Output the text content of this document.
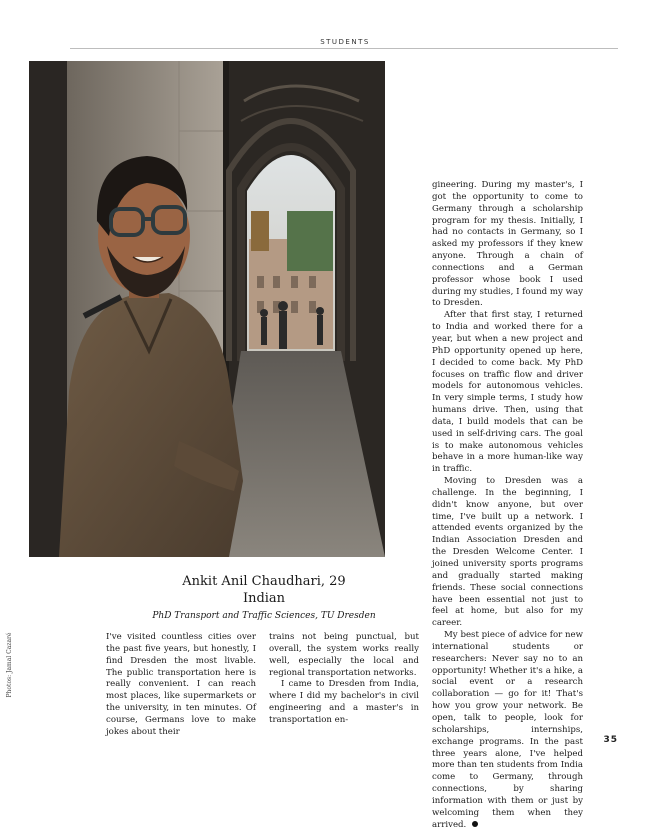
STUDENTS
Ankit Anil Chaudhari, 29
Indian
PhD Transport and Traffic Sciences, TU Dresden
Photos: Jamal Cazaré	I've visited countless cities over the past five years, but honestly, I find Dresden the most livable. The public transportation here is really convenient. I can reach most places, like supermarkets or the university, in ten minutes. Of course, Germans love to make jokes about their

trains not being punctual, but overall, the system works really well, especially the local and regional transportation networks.

I came to Dresden from India, where I did my bachelor's in civil engineering and a master's in transportation en-

gineering. During my master's, I got the opportunity to come to Germany through a scholarship program for my thesis. Initially, I had no contacts in Germany, so I asked my professors if they knew anyone. Through a chain of connections and a German professor whose book I used during my studies, I found my way to Dresden.

After that first stay, I returned to India and worked there for a year, but when a new project and PhD opportunity opened up here, I decided to come back. My PhD focuses on traffic flow and driver models for autonomous vehicles. In very simple terms, I study how humans drive. Then, using that data, I build models that can be used in self-driving cars. The goal is to make autonomous vehicles behave in a more human-like way in traffic.

Moving to Dresden was a challenge. In the beginning, I didn't know anyone, but over time, I've built up a network. I attended events organized by the Indian Association Dresden and the Dresden Welcome Center. I joined university sports programs and gradually started making friends. These social connections have been essential not just to feel at home, but also for my career.

My best piece of advice for new international students or researchers: Never say no to an opportunity! Whether it's a hike, a social event or a research collaboration — go for it! That's how you grow your network. Be open, talk to people, look for scholarships, internships, exchange programs. In the past three years alone, I've helped more than ten students from India come to Germany, through connections, by sharing information with them or just by welcoming them when they arrived.

35
